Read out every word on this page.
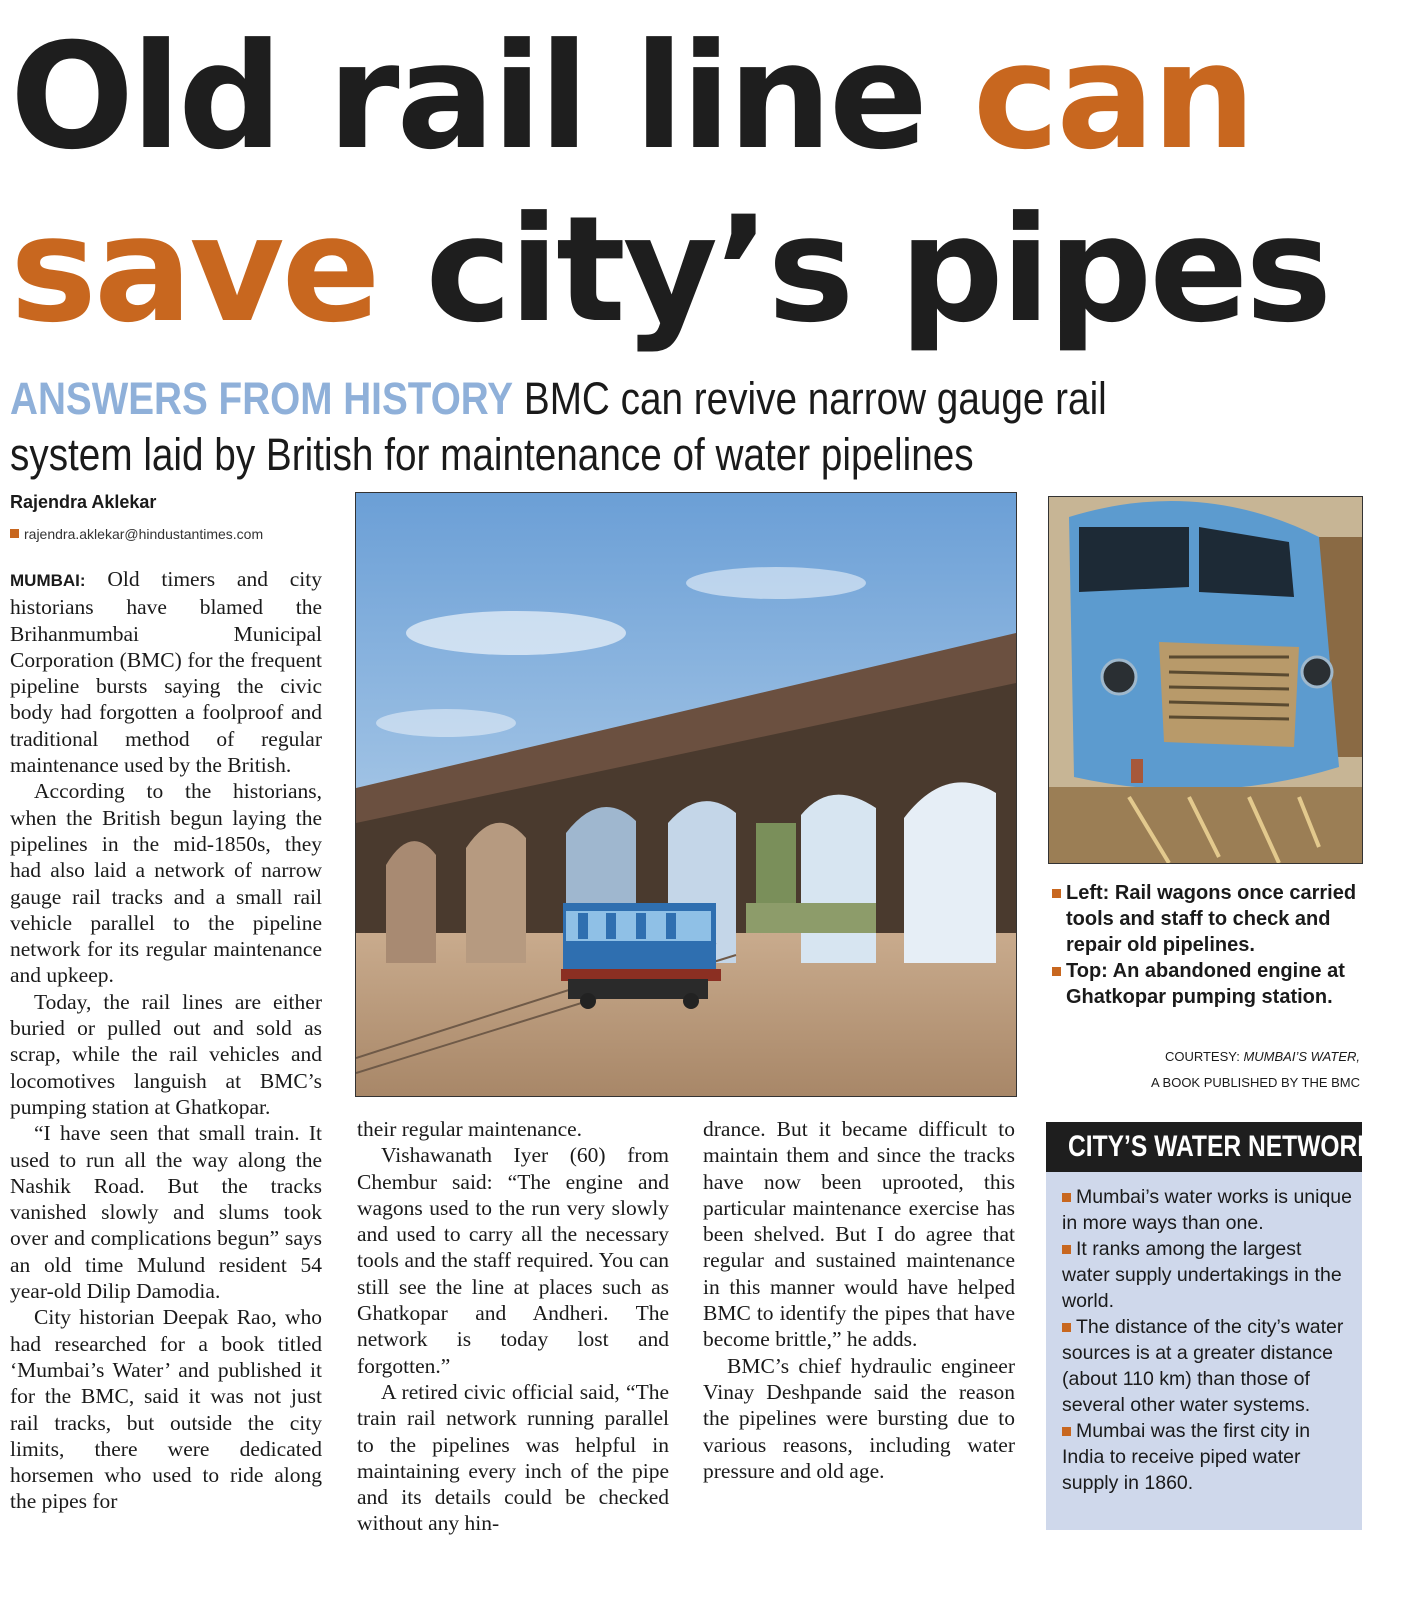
Old rail line can
save city’s pipes
ANSWERS FROM HISTORY BMC can revive narrow gauge rail
system laid by British for maintenance of water pipelines
Rajendra Aklekar
rajendra.aklekar@hindustantimes.com

MUMBAI: Old timers and city historians have blamed the Brihanmumbai Municipal Corporation (BMC) for the frequent pipeline bursts saying the civic body had forgotten a foolproof and traditional method of regular maintenance used by the British.

According to the historians, when the British begun laying the pipelines in the mid-1850s, they had also laid a network of narrow gauge rail tracks and a small rail vehicle parallel to the pipeline network for its regular maintenance and upkeep.

Today, the rail lines are either buried or pulled out and sold as scrap, while the rail vehicles and locomotives languish at BMC’s pumping station at Ghatkopar.

“I have seen that small train. It used to run all the way along the Nashik Road. But the tracks vanished slowly and slums took over and complications begun” says an old time Mulund resident 54 year-old Dilip Damodia.

City historian Deepak Rao, who had researched for a book titled ‘Mumbai’s Water’ and published it for the BMC, said it was not just rail tracks, but outside the city limits, there were dedicated horsemen who used to ride along the pipes for

their regular maintenance.

Vishawanath Iyer (60) from Chembur said: “The engine and wagons used to the run very slowly and used to carry all the necessary tools and the staff required. You can still see the line at places such as Ghatkopar and Andheri. The network is today lost and forgotten.”

A retired civic official said, “The train rail network running parallel to the pipelines was helpful in maintaining every inch of the pipe and its details could be checked without any hin-

drance. But it became difficult to maintain them and since the tracks have now been uprooted, this particular maintenance exercise has been shelved. But I do agree that regular and sustained maintenance in this manner would have helped BMC to identify the pipes that have become brittle,” he adds.

BMC’s chief hydraulic engineer Vinay Deshpande said the reason the pipelines were bursting due to various reasons, including water pressure and old age.

Left: Rail wagons once carried tools and staff to check and repair old pipelines.
Top: An abandoned engine at Ghatkopar pumping station.
COURTESY: MUMBAI’S WATER,
A BOOK PUBLISHED BY THE BMC
CITY’S WATER NETWORK

Mumbai’s water works is unique in more ways than one.

It ranks among the largest water supply undertakings in the world.

The distance of the city’s water sources is at a greater distance (about 110 km) than those of several other water systems.

Mumbai was the first city in India to receive piped water supply in 1860.
